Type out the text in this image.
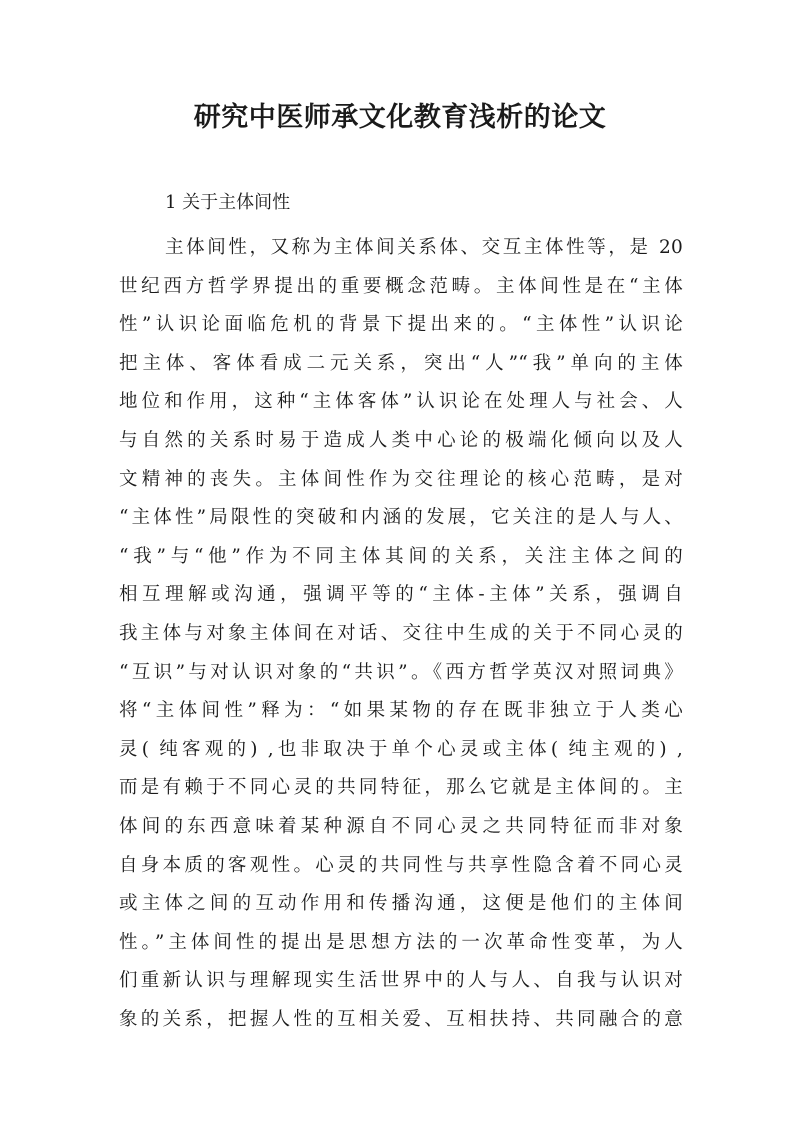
研究中医师承文化教育浅析的论文

1 关于主体间性

主体间性，又称为主体间关系体、交互主体性等，是 20
世纪西方哲学界提出的重要概念范畴。主体间性是在“主体
性”认识论面临危机的背景下提出来的。“主体性”认识论
把主体、客体看成二元关系，突出“人”“我”单向的主体
地位和作用，这种“主体客体”认识论在处理人与社会、人
与自然的关系时易于造成人类中心论的极端化倾向以及人
文精神的丧失。主体间性作为交往理论的核心范畴，是对
“主体性”局限性的突破和内涵的发展，它关注的是人与人、
“我”与“他”作为不同主体其间的关系，关注主体之间的
相互理解或沟通，强调平等的“主体-主体”关系，强调自
我主体与对象主体间在对话、交往中生成的关于不同心灵的
“互识”与对认识对象的“共识”。《西方哲学英汉对照词典》
将“主体间性”释为：“如果某物的存在既非独立于人类心
灵( 纯客观的) ,也非取决于单个心灵或主体( 纯主观的) ,
而是有赖于不同心灵的共同特征，那么它就是主体间的。主
体间的东西意味着某种源自不同心灵之共同特征而非对象
自身本质的客观性。心灵的共同性与共享性隐含着不同心灵
或主体之间的互动作用和传播沟通，这便是他们的主体间
性。”主体间性的提出是思想方法的一次革命性变革，为人
们重新认识与理解现实生活世界中的人与人、自我与认识对
象的关系，把握人性的互相关爱、互相扶持、共同融合的意
